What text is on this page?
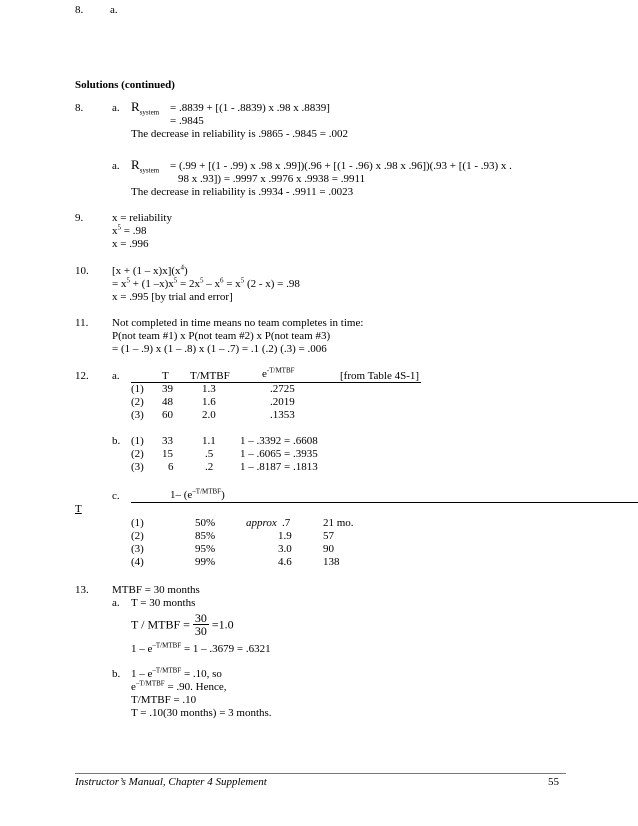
8. a.
Solutions (continued)
8.	a. $R_{system} = .8839 + [(1 - .8839)$ x .98 x .8839]
= .9845
The decrease in reliability is .9865 - .9845 = .002
a. $R_{system} = (.99 + [(1 - .99)$ x .98 x .99])(.96 + [(1 - .96) x .98 x .96])(.93 + [(1 - .93) x .
98 x .93]) = .9997 x .9976 x .9938 = .9911
The decrease in reliability is .9934 - .9911 = .0023
9.	x = reliability
$x^5 = .98$
x = .996
10. $[x + (1 - x)x](x^4)$
= $x^5 + (1$ $-x)x^5 = 2x^5 - x^6 = x^5$ (2 - x) = .98
x = .995 [by trial and error]
11. Not completed in time means no team completes in time:
P(not team #1) x P(not team #2) x P(not team #3)
= (1 – .9) x (1 – .8) x (1 – .7) = .1 (.2) (.3) = .006
12. a.	T T/MTBF	$e^{-T/MTBF}$	[from Table 4S-1]
(1) 39	1.3	.2725
(2) 48	1.6	.2019
(3) 60	2.0	.1353
b. (1) 33	1.1 1 – .3392 = .6608
(2) 15	.5 1 – .6065 = .3935
(3) 6	.2 1 – .8187 = .1813
c.	1– $(e^{-T/MTBF})$
T
(1)	50%	approx .7	21 mo.
(2)	85%	1.9	57
(3)	95%	3.0	90
(4)	99%	4.6	138
13. MTBF = 30 months
a. T = 30 months
T / MTBF = $\frac{30}{30} =1.0$
$1 - e^{-T/MTBF} = 1 - .3679 = .6321$
b. $1 - e^{-T/MTBF} = .10$, so
$e^{-T/MTBF} = .90$. Hence,
T/MTBF = .10
T = .10(30 months) = 3 months.
Instructor’s Manual, Chapter 4 Supplement	55
